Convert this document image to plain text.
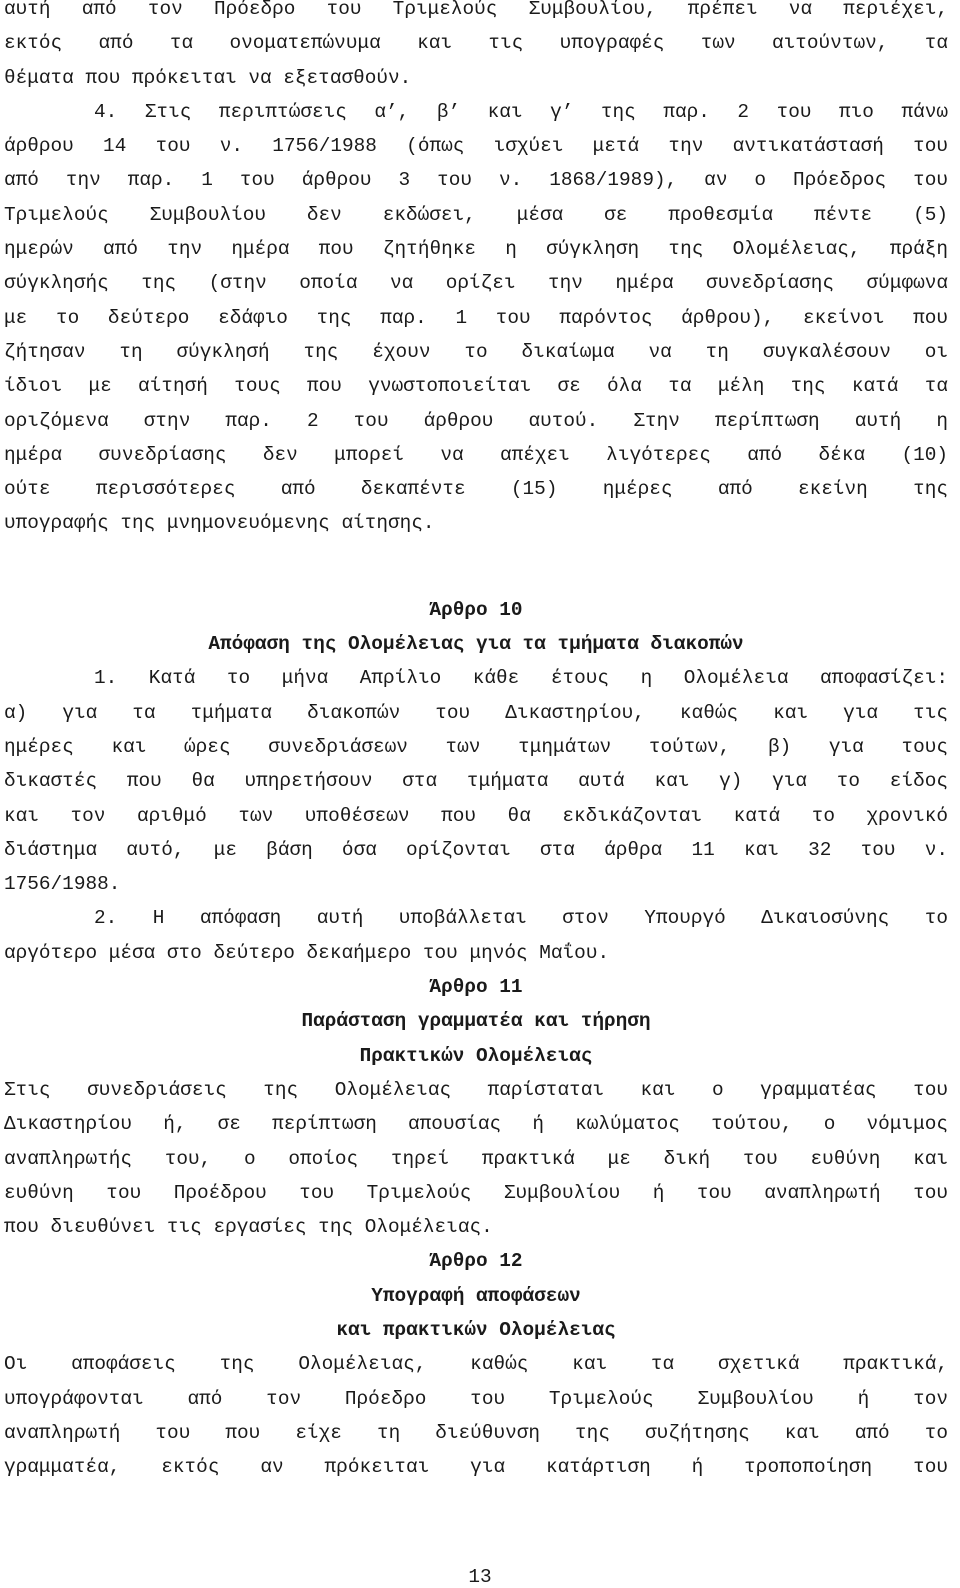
αυτή από τον Πρόεδρο του Τριμελούς Συμβουλίου, πρέπει να περιέχει,
εκτός από τα ονοματεπώνυμα και τις υπογραφές των αιτούντων, τα
θέματα που πρόκειται να εξετασθούν.
4. Στις περιπτώσεις α’, β’ και γ’ της παρ. 2 του πιο πάνω
άρθρου 14 του ν. 1756/1988 (όπως ισχύει μετά την αντικατάστασή του
από την παρ. 1 του άρθρου 3 του ν. 1868/1989), αν ο Πρόεδρος του
Τριμελούς Συμβουλίου δεν εκδώσει, μέσα σε προθεσμία πέντε (5)
ημερών από την ημέρα που ζητήθηκε η σύγκληση της Ολομέλειας, πράξη
σύγκλησής της (στην οποία να ορίζει την ημέρα συνεδρίασης σύμφωνα
με το δεύτερο εδάφιο της παρ. 1 του παρόντος άρθρου), εκείνοι που
ζήτησαν τη σύγκλησή της έχουν το δικαίωμα να τη συγκαλέσουν οι
ίδιοι με αίτησή τους που γνωστοποιείται σε όλα τα μέλη της κατά τα
οριζόμενα στην παρ. 2 του άρθρου αυτού. Στην περίπτωση αυτή η
ημέρα συνεδρίασης δεν μπορεί να απέχει λιγότερες από δέκα (10)
ούτε περισσότερες από δεκαπέντε (15) ημέρες από εκείνη της
υπογραφής της μνημονευόμενης αίτησης.
Άρθρο 10
Απόφαση της Ολομέλειας για τα τμήματα διακοπών
1. Κατά το μήνα Απρίλιο κάθε έτους η Ολομέλεια αποφασίζει:
α) για τα τμήματα διακοπών του Δικαστηρίου, καθώς και για τις
ημέρες και ώρες συνεδριάσεων των τμημάτων τούτων, β) για τους
δικαστές που θα υπηρετήσουν στα τμήματα αυτά και γ) για το είδος
και τον αριθμό των υποθέσεων που θα εκδικάζονται κατά το χρονικό
διάστημα αυτό, με βάση όσα ορίζονται στα άρθρα 11 και 32 του ν.
1756/1988.
2. Η απόφαση αυτή υποβάλλεται στον Υπουργό Δικαιοσύνης το
αργότερο μέσα στο δεύτερο δεκαήμερο του μηνός Μαΐου.
Άρθρο 11
Παράσταση γραμματέα και τήρηση
Πρακτικών Ολομέλειας
Στις συνεδριάσεις της Ολομέλειας παρίσταται και ο γραμματέας του
Δικαστηρίου ή, σε περίπτωση απουσίας ή κωλύματος τούτου, ο νόμιμος
αναπληρωτής του, ο οποίος τηρεί πρακτικά με δική του ευθύνη και
ευθύνη του Προέδρου του Τριμελούς Συμβουλίου ή του αναπληρωτή του
που διευθύνει τις εργασίες της Ολομέλειας.
Άρθρο 12
Υπογραφή αποφάσεων
και πρακτικών Ολομέλειας
Οι αποφάσεις της Ολομέλειας, καθώς και τα σχετικά πρακτικά,
υπογράφονται από τον Πρόεδρο του Τριμελούς Συμβουλίου ή τον
αναπληρωτή του που είχε τη διεύθυνση της συζήτησης και από το
γραμματέα, εκτός αν πρόκειται για κατάρτιση ή τροποποίηση του
13
